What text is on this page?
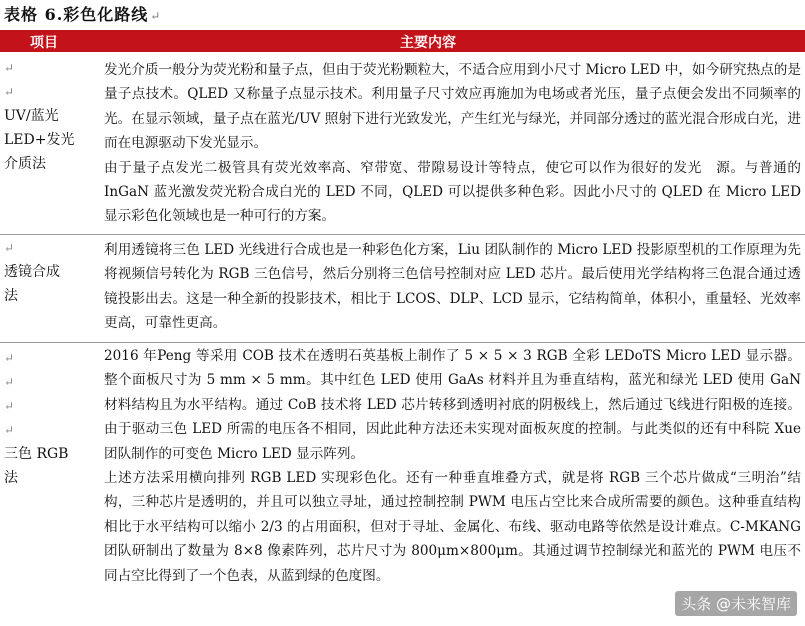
表格 6.彩色化路线 ↵
项目	主要内容
↵
↵
UV/蓝光
LED+发光
介质法

发光介质一般分为荧光粉和量子点，但由于荧光粉颗粒大，不适合应用到小尺寸 Micro LED 中，如今研究热点的是量子点技术。QLED 又称量子点显示技术。利用量子尺寸效应再施加为电场或者光压，量子点便会发出不同频率的光。在显示领域，量子点在蓝光/UV 照射下进行光致发光，产生红光与绿光，并同部分透过的蓝光混合形成白光，进而在电源驱动下发光显示。

由于量子点发光二极管具有荧光效率高、窄带宽、带隙易设计等特点，使它可以作为很好的发光　源。与普通的 InGaN 蓝光激发荧光粉合成白光的 LED 不同，QLED 可以提供多种色彩。因此小尺寸的 QLED 在 Micro LED 显示彩色化领域也是一种可行的方案。

↵
透镜合成
法

利用透镜将三色 LED 光线进行合成也是一种彩色化方案，Liu 团队制作的 Micro LED 投影原型机的工作原理为先将视频信号转化为 RGB 三色信号，然后分别将三色信号控制对应 LED 芯片。最后使用光学结构将三色混合通过透镜投影出去。这是一种全新的投影技术，相比于 LCOS、DLP、LCD 显示，它结构简单，体积小，重量轻、光效率更高，可靠性更高。

↵
↵
↵
↵
三色 RGB
法

2016 年Peng 等采用 COB 技术在透明石英基板上制作了 5 × 5 × 3 RGB 全彩 LEDoTS Micro LED 显示器。整个面板尺寸为 5 mm × 5 mm。其中红色 LED 使用 GaAs 材料并且为垂直结构，蓝光和绿光 LED 使用 GaN 材料结构且为水平结构。通过 CoB 技术将 LED 芯片转移到透明衬底的阴极线上，然后通过飞线进行阳极的连接。由于驱动三色 LED 所需的电压各不相同，因此此种方法还未实现对面板灰度的控制。与此类似的还有中科院 Xue 团队制作的可变色 Micro LED 显示阵列。

上述方法采用横向排列 RGB LED 实现彩色化。还有一种垂直堆叠方式，就是将 RGB 三个芯片做成“三明治”结构，三种芯片是透明的，并且可以独立寻址，通过控制控制 PWM 电压占空比来合成所需要的颜色。这种垂直结构相比于水平结构可以缩小 2/3 的占用面积，但对于寻址、金属化、布线、驱动电路等依然是设计难点。C-MKANG 团队研制出了数量为 8×8 像素阵列，芯片尺寸为 800μm×800μm。其通过调节控制绿光和蓝光的 PWM 电压不同占空比得到了一个色表，从蓝到绿的色度图。

头条 @未来智库
